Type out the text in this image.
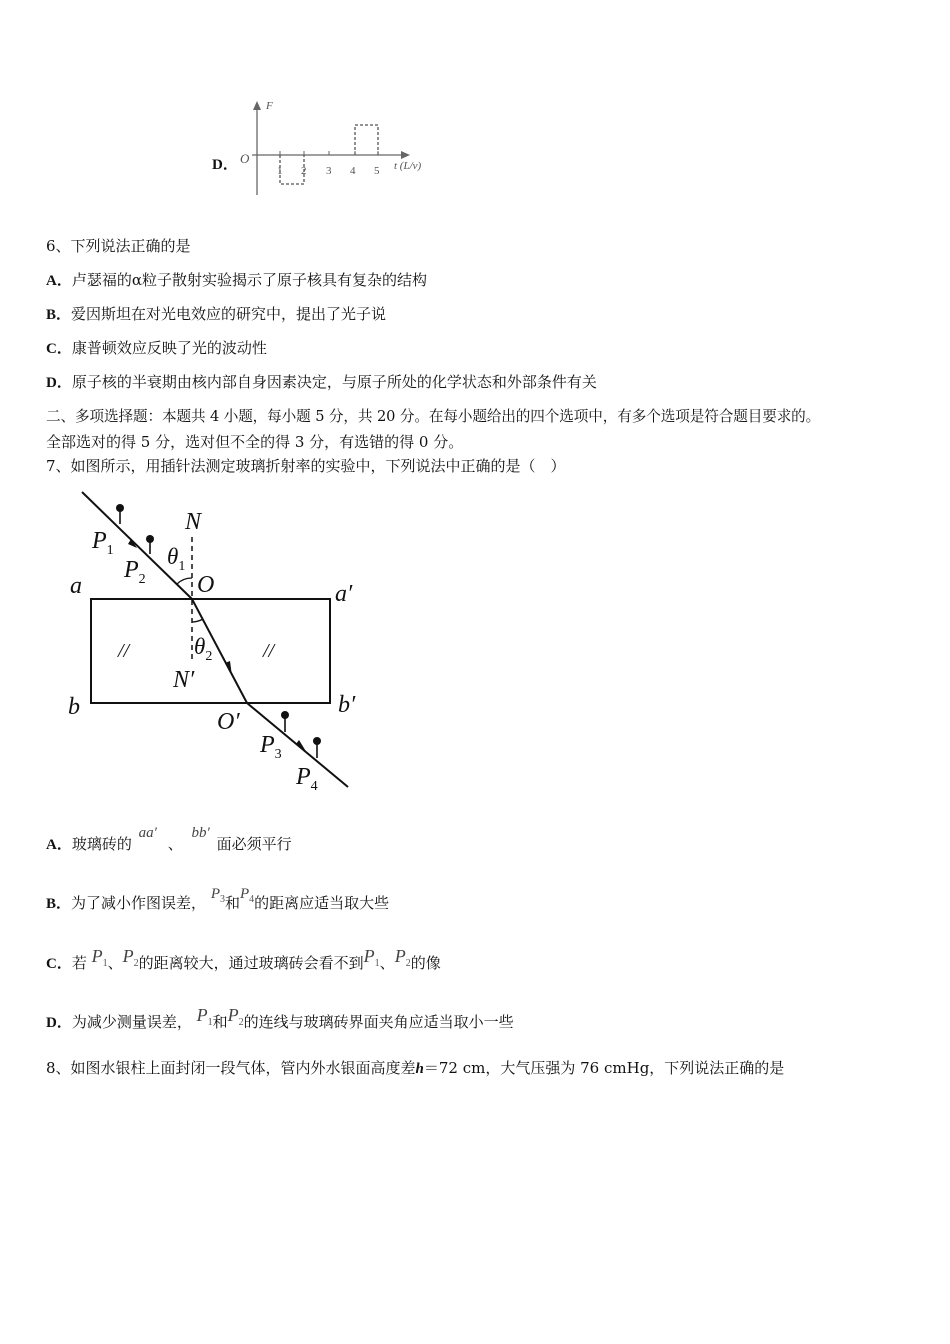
D． O
F
t (L/v)
1 2 3 4 5
6、下列说法正确的是
A．卢瑟福的α粒子散射实验揭示了原子核具有复杂的结构
B．爱因斯坦在对光电效应的研究中，提出了光子说
C．康普顿效应反映了光的波动性
D．原子核的半衰期由核内部自身因素决定，与原子所处的化学状态和外部条件有关
二、多项选择题：本题共 4 小题，每小题 5 分，共 20 分。在每小题给出的四个选项中，有多个选项是符合题目要求的。
全部选对的得 5 分，选对但不全的得 3 分，有选错的得 0 分。
7、如图所示，用插针法测定玻璃折射率的实验中，下列说法中正确的是（　）
//	//
N
a	a′
b	b′
O
O′
N′
$\theta_1$
$\theta_2$
$P_1$
$P_2$
$P_3$
$P_4$
A．玻璃砖的 aa′ 、 bb′ 面必须平行
B．为了减小作图误差， $P_3$和$P_4$的距离应适当取大些
C．若 $P_1$、$P_2$的距离较大，通过玻璃砖会看不到$P_1$、$P_2$的像
D．为减少测量误差， $P_1$和$P_2$的连线与玻璃砖界面夹角应适当取小一些
8、如图水银柱上面封闭一段气体，管内外水银面高度差h＝72 cm，大气压强为 76 cmHg，下列说法正确的是
